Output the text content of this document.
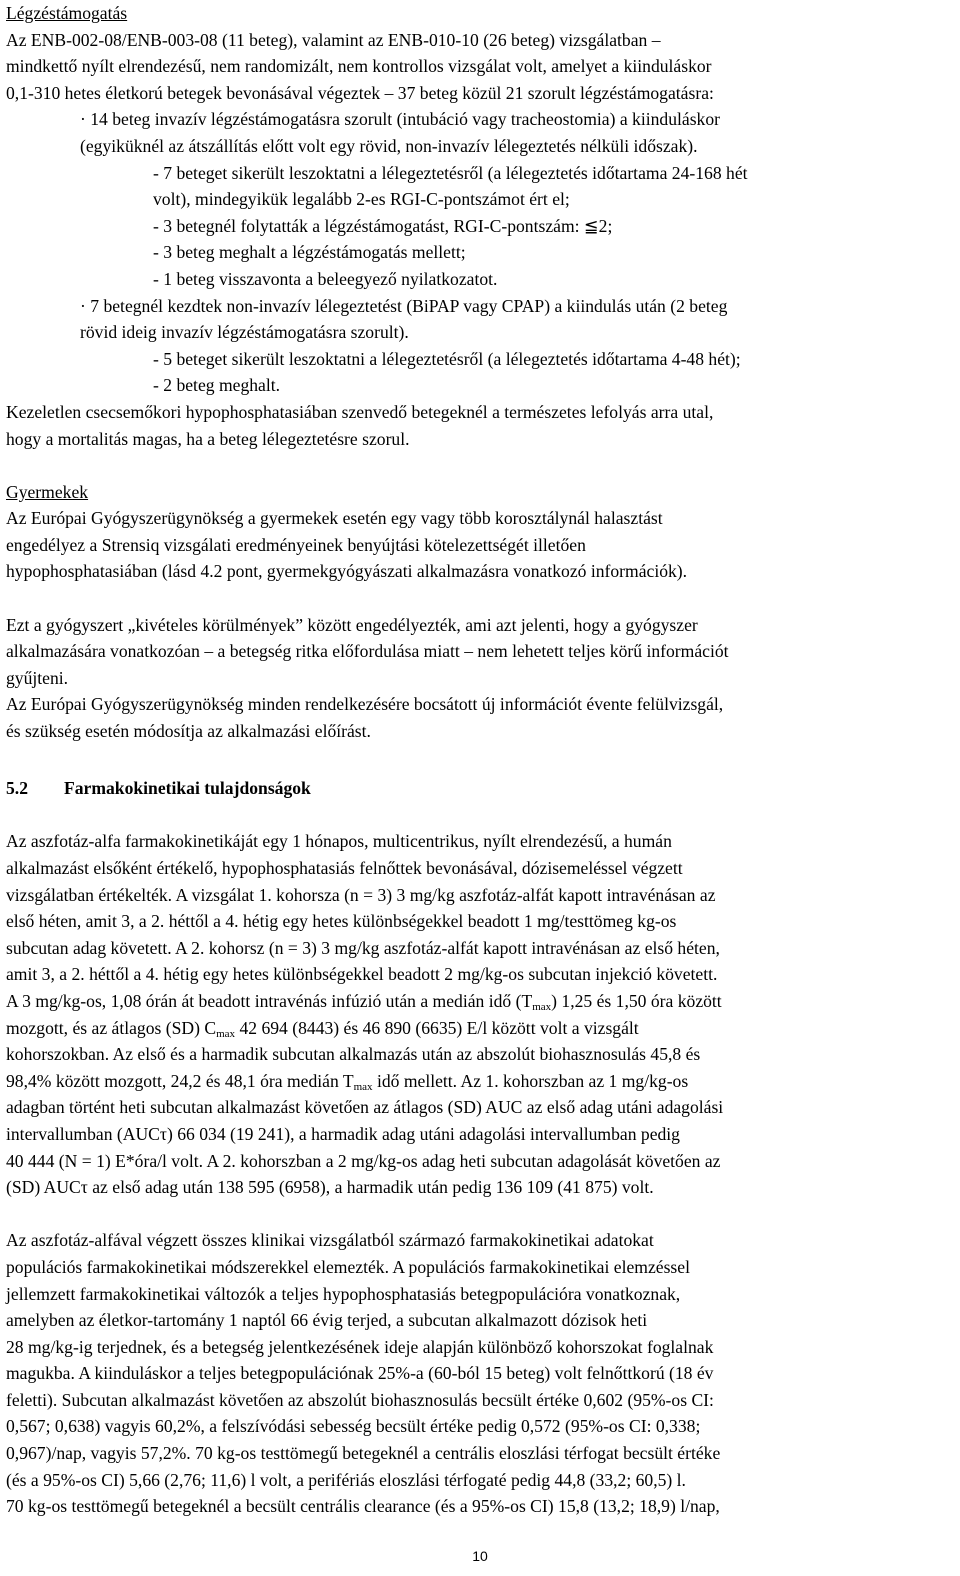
Légzéstámogatás
Az ENB-002-08/ENB-003-08 (11 beteg), valamint az ENB-010-10 (26 beteg) vizsgálatban –
mindkettő nyílt elrendezésű, nem randomizált, nem kontrollos vizsgálat volt, amelyet a kiinduláskor
0,1-310 hetes életkorú betegek bevonásával végeztek – 37 beteg közül 21 szorult légzéstámogatásra:
· 14 beteg invazív légzéstámogatásra szorult (intubáció vagy tracheostomia) a kiinduláskor
(egyiküknél az átszállítás előtt volt egy rövid, non-invazív lélegeztetés nélküli időszak).
- 7 beteget sikerült leszoktatni a lélegeztetésről (a lélegeztetés időtartama 24-168 hét
volt), mindegyikük legalább 2-es RGI-C-pontszámot ért el;
- 3 betegnél folytatták a légzéstámogatást, RGI-C-pontszám: ≦2;
- 3 beteg meghalt a légzéstámogatás mellett;
- 1 beteg visszavonta a beleegyező nyilatkozatot.
· 7 betegnél kezdtek non-invazív lélegeztetést (BiPAP vagy CPAP) a kiindulás után (2 beteg
rövid ideig invazív légzéstámogatásra szorult).
- 5 beteget sikerült leszoktatni a lélegeztetésről (a lélegeztetés időtartama 4-48 hét);
- 2 beteg meghalt.
Kezeletlen csecsemőkori hypophosphatasiában szenvedő betegeknél a természetes lefolyás arra utal,
hogy a mortalitás magas, ha a beteg lélegeztetésre szorul.
Gyermekek
Az Európai Gyógyszerügynökség a gyermekek esetén egy vagy több korosztálynál halasztást
engedélyez a Strensiq vizsgálati eredményeinek benyújtási kötelezettségét illetően
hypophosphatasiában (lásd 4.2 pont, gyermekgyógyászati alkalmazásra vonatkozó információk).
Ezt a gyógyszert „kivételes körülmények” között engedélyezték, ami azt jelenti, hogy a gyógyszer
alkalmazására vonatkozóan – a betegség ritka előfordulása miatt – nem lehetett teljes körű információt
gyűjteni.
Az Európai Gyógyszerügynökség minden rendelkezésére bocsátott új információt évente felülvizsgál,
és szükség esetén módosítja az alkalmazási előírást.
5.2 Farmakokinetikai tulajdonságok
Az aszfotáz-alfa farmakokinetikáját egy 1 hónapos, multicentrikus, nyílt elrendezésű, a humán
alkalmazást elsőként értékelő, hypophosphatasiás felnőttek bevonásával, dózisemeléssel végzett
vizsgálatban értékelték. A vizsgálat 1. kohorsza (n = 3) 3 mg/kg aszfotáz-alfát kapott intravénásan az
első héten, amit 3, a 2. héttől a 4. hétig egy hetes különbségekkel beadott 1 mg/testtömeg kg-os
subcutan adag követett. A 2. kohorsz (n = 3) 3 mg/kg aszfotáz-alfát kapott intravénásan az első héten,
amit 3, a 2. héttől a 4. hétig egy hetes különbségekkel beadott 2 mg/kg-os subcutan injekció követett.
A 3 mg/kg-os, 1,08 órán át beadott intravénás infúzió után a medián idő $(T_{max})$ 1,25 és 1,50 óra között
mozgott, és az átlagos (SD) $C_{max}$ 42 694 (8443) és 46 890 (6635) E/l között volt a vizsgált
kohorszokban. Az első és a harmadik subcutan alkalmazás után az abszolút biohasznosulás 45,8 és
98,4% között mozgott, 24,2 és 48,1 óra medián $T_{max}$ idő mellett. Az 1. kohorszban az 1 mg/kg-os
adagban történt heti subcutan alkalmazást követően az átlagos (SD) AUC az első adag utáni adagolási
intervallumban (AUCτ) 66 034 (19 241), a harmadik adag utáni adagolási intervallumban pedig
40 444 (N = 1) E*óra/l volt. A 2. kohorszban a 2 mg/kg-os adag heti subcutan adagolását követően az
(SD) AUCτ az első adag után 138 595 (6958), a harmadik után pedig 136 109 (41 875) volt.
Az aszfotáz-alfával végzett összes klinikai vizsgálatból származó farmakokinetikai adatokat
populációs farmakokinetikai módszerekkel elemezték. A populációs farmakokinetikai elemzéssel
jellemzett farmakokinetikai változók a teljes hypophosphatasiás betegpopulációra vonatkoznak,
amelyben az életkor-tartomány 1 naptól 66 évig terjed, a subcutan alkalmazott dózisok heti
28 mg/kg-ig terjednek, és a betegség jelentkezésének ideje alapján különböző kohorszokat foglalnak
magukba. A kiinduláskor a teljes betegpopulációnak 25%-a (60-ból 15 beteg) volt felnőttkorú (18 év
feletti). Subcutan alkalmazást követően az abszolút biohasznosulás becsült értéke 0,602 (95%-os CI:
0,567; 0,638) vagyis 60,2%, a felszívódási sebesség becsült értéke pedig 0,572 (95%-os CI: 0,338;
0,967)/nap, vagyis 57,2%. 70 kg-os testtömegű betegeknél a centrális eloszlási térfogat becsült értéke
(és a 95%-os CI) 5,66 (2,76; 11,6) l volt, a perifériás eloszlási térfogaté pedig 44,8 (33,2; 60,5) l.
70 kg-os testtömegű betegeknél a becsült centrális clearance (és a 95%-os CI) 15,8 (13,2; 18,9) l/nap,
10
